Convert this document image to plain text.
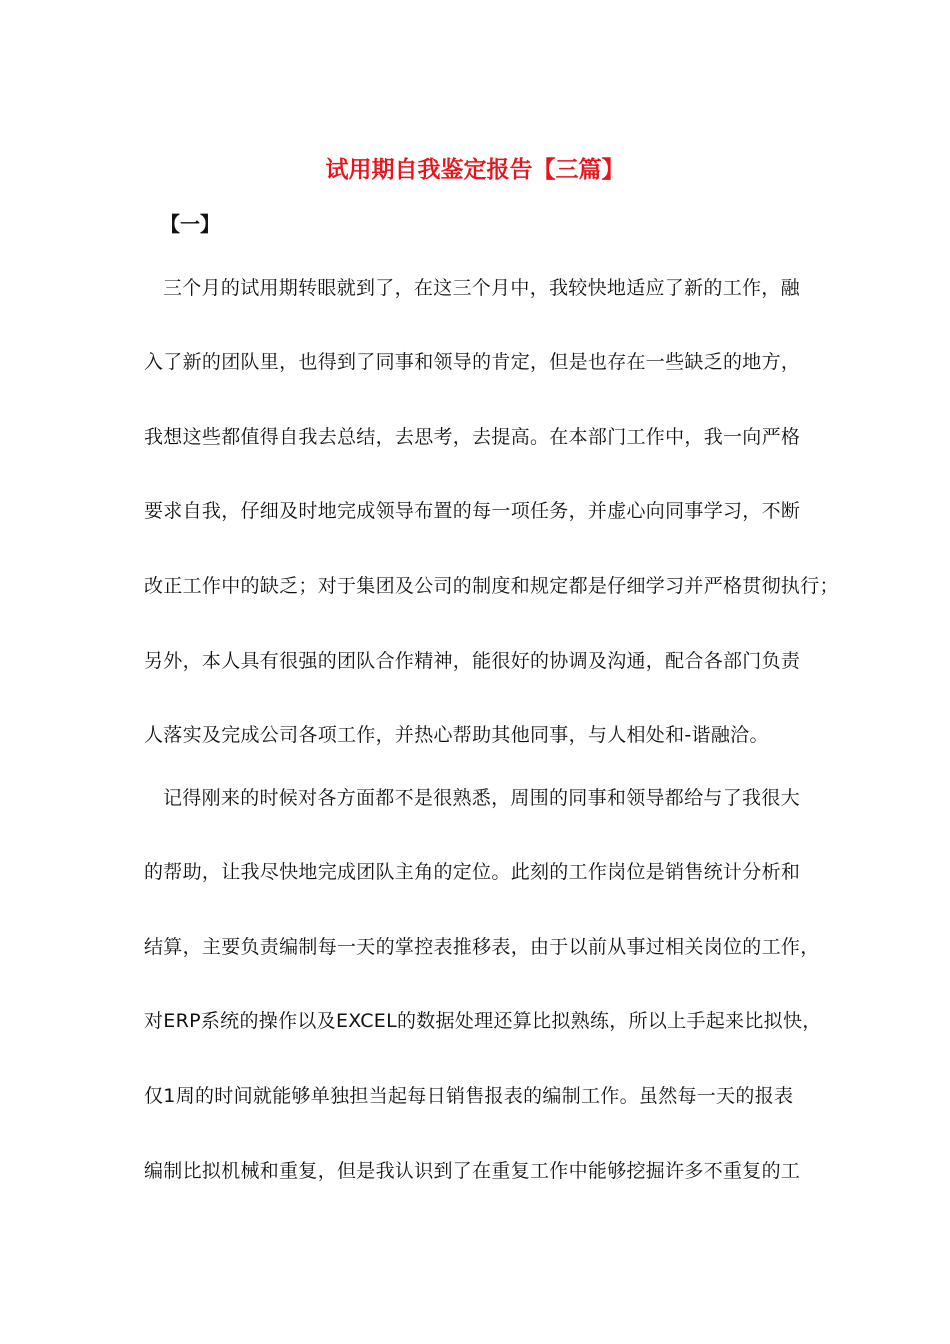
试用期自我鉴定报告【三篇】
【一】
三个月的试用期转眼就到了，在这三个月中，我较快地适应了新的工作，融
入了新的团队里，也得到了同事和领导的肯定，但是也存在一些缺乏的地方，
我想这些都值得自我去总结，去思考，去提高。在本部门工作中，我一向严格
要求自我，仔细及时地完成领导布置的每一项任务，并虚心向同事学习，不断
改正工作中的缺乏；对于集团及公司的制度和规定都是仔细学习并严格贯彻执行；
另外，本人具有很强的团队合作精神，能很好的协调及沟通，配合各部门负责
人落实及完成公司各项工作，并热心帮助其他同事，与人相处和-谐融洽。
记得刚来的时候对各方面都不是很熟悉，周围的同事和领导都给与了我很大
的帮助，让我尽快地完成团队主角的定位。此刻的工作岗位是销售统计分析和
结算，主要负责编制每一天的掌控表推移表，由于以前从事过相关岗位的工作，
对ERP系统的操作以及EXCEL的数据处理还算比拟熟练，所以上手起来比拟快，
仅1周的时间就能够单独担当起每日销售报表的编制工作。虽然每一天的报表
编制比拟机械和重复，但是我认识到了在重复工作中能够挖掘许多不重复的工
